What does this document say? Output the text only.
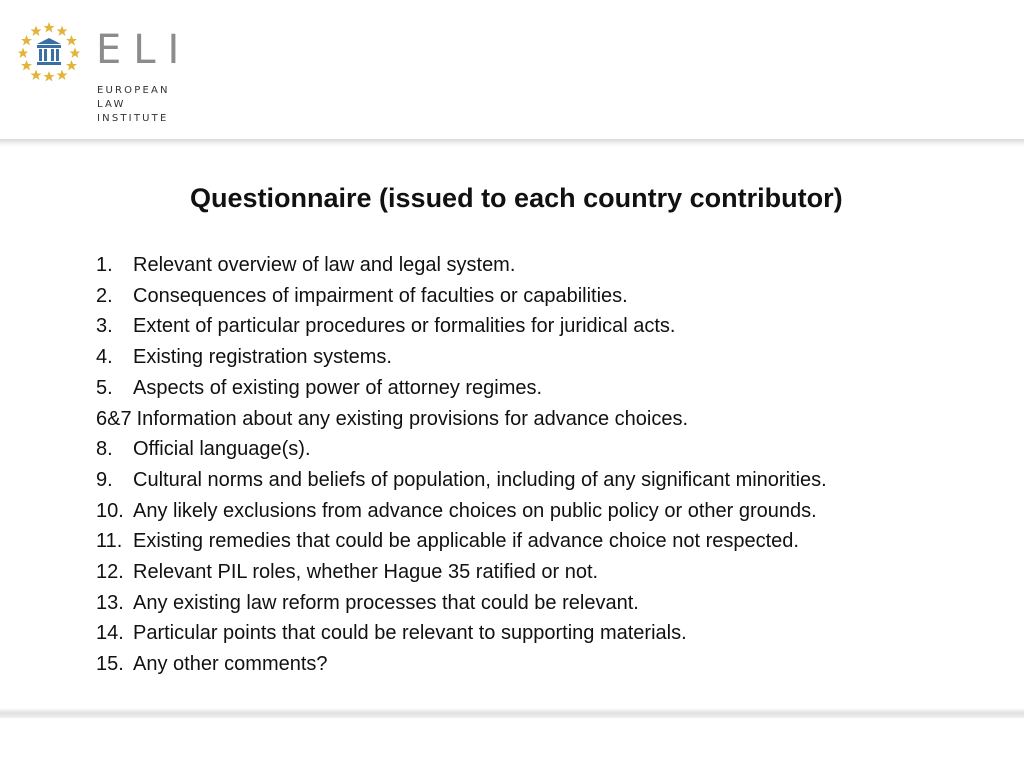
ELI
EUROPEAN
LAW
INSTITUTE
Questionnaire (issued to each country contributor)
1.	Relevant overview of law and legal system.
2.	Consequences of impairment of faculties or capabilities.
3.	Extent of particular procedures or formalities for juridical acts.
4.	Existing registration systems.
5.	Aspects of existing power of attorney regimes.
6&7 Information about any existing provisions for advance choices.
8.	Official language(s).
9.	Cultural norms and beliefs of population, including of any significant minorities.
10. Any likely exclusions from advance choices on public policy or other grounds.
11. Existing remedies that could be applicable if advance choice not respected.
12. Relevant PIL roles, whether Hague 35 ratified or not.
13. Any existing law reform processes that could be relevant.
14. Particular points that could be relevant to supporting materials.
15. Any other comments?
